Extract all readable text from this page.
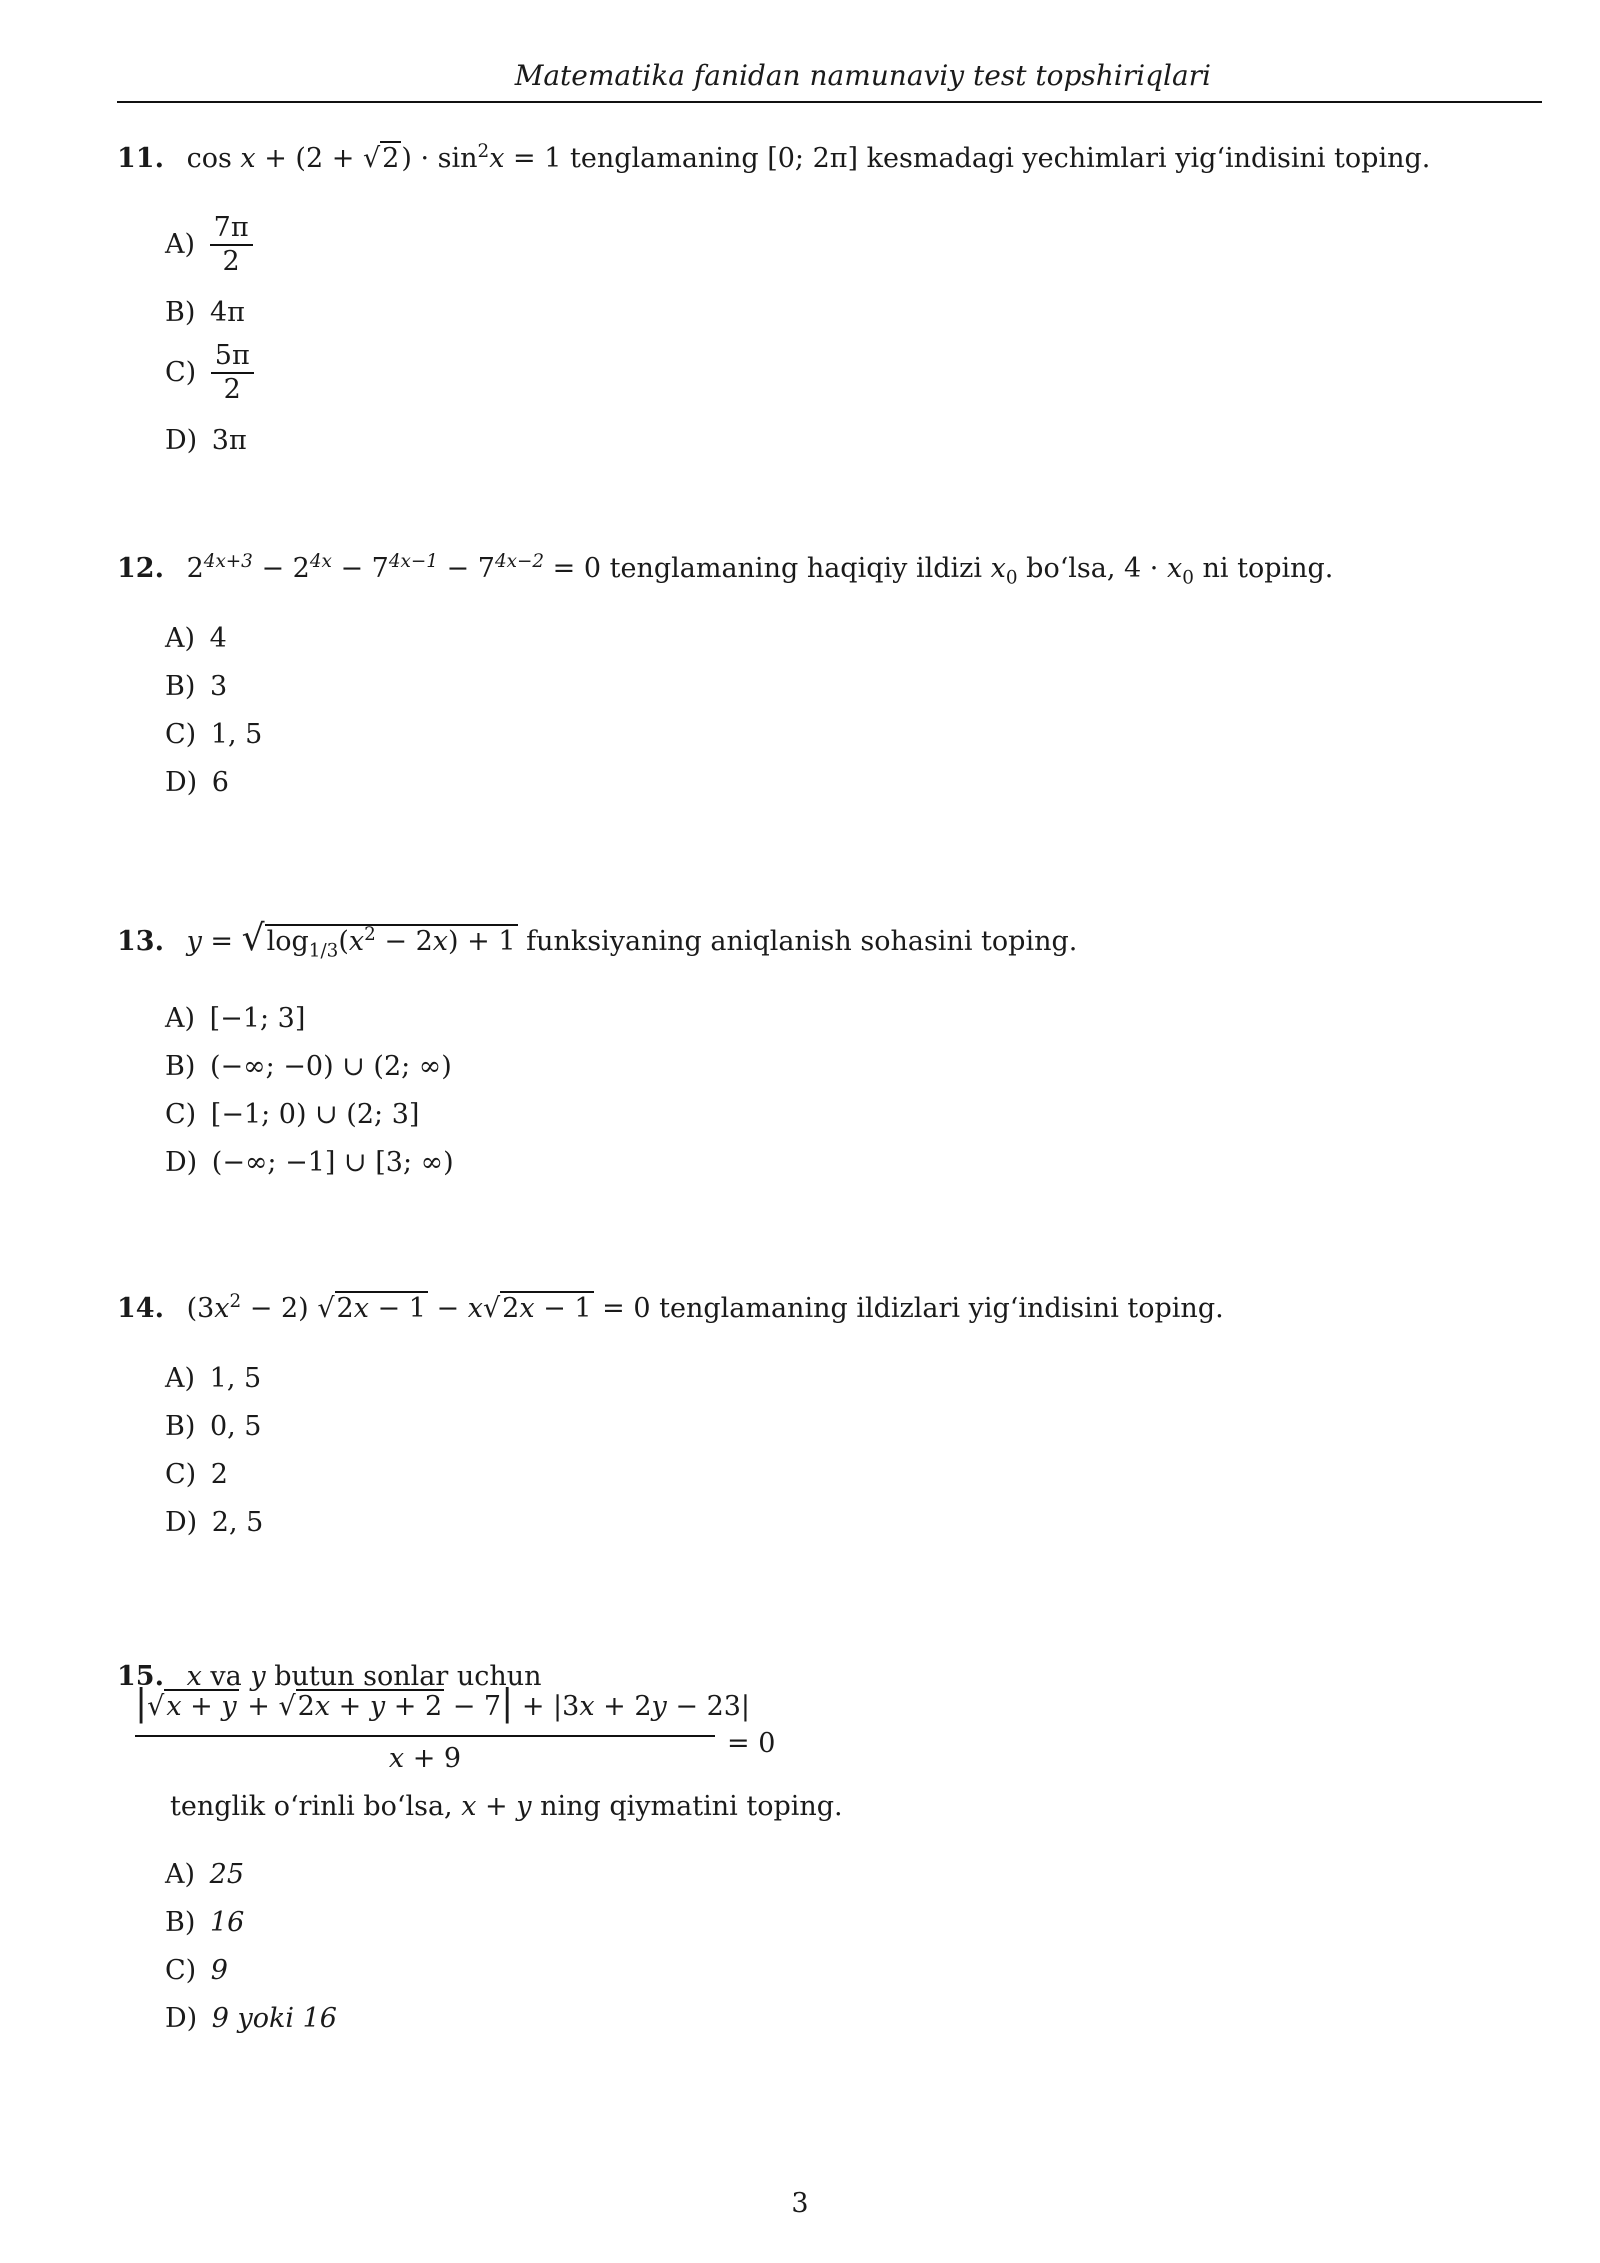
Matematika fanidan namunaviy test topshiriqlari
11. $\cos x + (2 + √2) \cdot \sin^2x = 1$ tenglamaning [0; 2π] kesmadagi yechimlari yig‘indisini toping.
$A) \frac{7\pi}{2}$
B) 4π
$C) \frac{5\pi}{2}$
D) 3π
12. $2^{4x+3} - 2^{4x} - 7^{4x-1} - 7^{4x-2} = 0$ tenglamaning haqiqiy ildizi $x_0$ bo‘lsa, $4 \cdot x_0$ ni toping.
A) 4
B) 3
C) 1, 5
D) 6
13. $y = √\log_{1/3}(x^2 - 2x) + 1$ funksiyaning aniqlanish sohasini toping.
A) [−1; 3]
B) (−∞; −0) ∪ (2; ∞)
C) [−1; 0) ∪ (2; 3]
D) (−∞; −1] ∪ [3; ∞)
14. $(3x^2 - 2) √2x - 1 - x√2x - 1 = 0$ tenglamaning ildizlari yig‘indisini toping.
A) 1, 5
B) 0, 5
C) 2
D) 2, 5
15. x va y butun sonlar uchun
|√x + y + √2x + y + 2 − 7| + |3x + 2y − 23|
x + 9	= 0
tenglik o‘rinli bo‘lsa, x + y ning qiymatini toping.
A) 25
B) 16
C) 9
D) 9 yoki 16
3
